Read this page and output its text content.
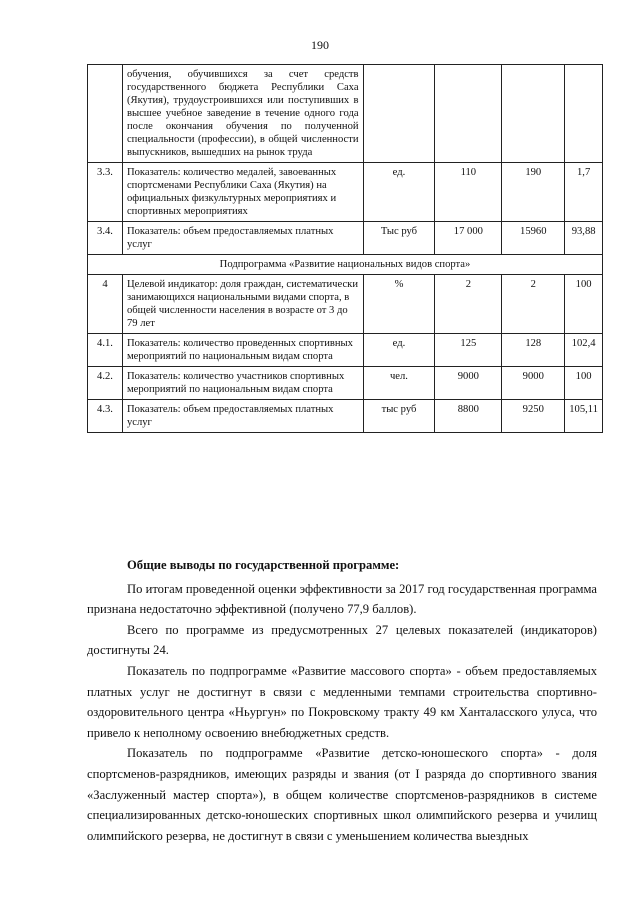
190
	обучения, обучившихся за счет средств государственного бюджета Республики Саха (Якутия), трудоустроившихся или поступивших в высшее учебное заведение в течение одного года после окончания обучения по полученной специальности (профессии), в общей численности выпускников, вышедших на рынок труда				
3.3.	Показатель: количество медалей, завоеванных спортсменами Республики Саха (Якутия) на официальных физкультурных мероприятиях и спортивных мероприятиях	ед.	110	190	1,7
3.4.	Показатель: объем предоставляемых платных услуг	Тыс руб	17 000	15960	93,88
Подпрограмма «Развитие национальных видов спорта»					
4	Целевой индикатор: доля граждан, систематически занимающихся национальными видами спорта, в общей численности населения в возрасте от 3 до 79 лет	%	2	2	100
4.1.	Показатель: количество проведенных спортивных мероприятий по национальным видам спорта	ед.	125	128	102,4
4.2.	Показатель: количество участников спортивных мероприятий по национальным видам спорта	чел.	9000	9000	100
4.3.	Показатель: объем предоставляемых платных услуг	тыс руб	8800	9250	105,11
Общие выводы по государственной программе:

По итогам проведенной оценки эффективности за 2017 год государственная программа признана недостаточно эффективной (получено 77,9 баллов).

Всего по программе из предусмотренных 27 целевых показателей (индикаторов) достигнуты 24.

Показатель по подпрограмме «Развитие массового спорта» - объем предоставляемых платных услуг не достигнут в связи с медленными темпами строительства спортивно-оздоровительного центра «Ньургун» по Покровскому тракту 49 км Ханталасского улуса, что привело к неполному освоению внебюджетных средств.

Показатель по подпрограмме «Развитие детско-юношеского спорта» - доля спортсменов-разрядников, имеющих разряды и звания (от I разряда до спортивного звания «Заслуженный мастер спорта»), в общем количестве спортсменов-разрядников в системе специализированных детско-юношеских спортивных школ олимпийского резерва и училищ олимпийского резерва, не достигнут в связи с уменьшением количества выездных
